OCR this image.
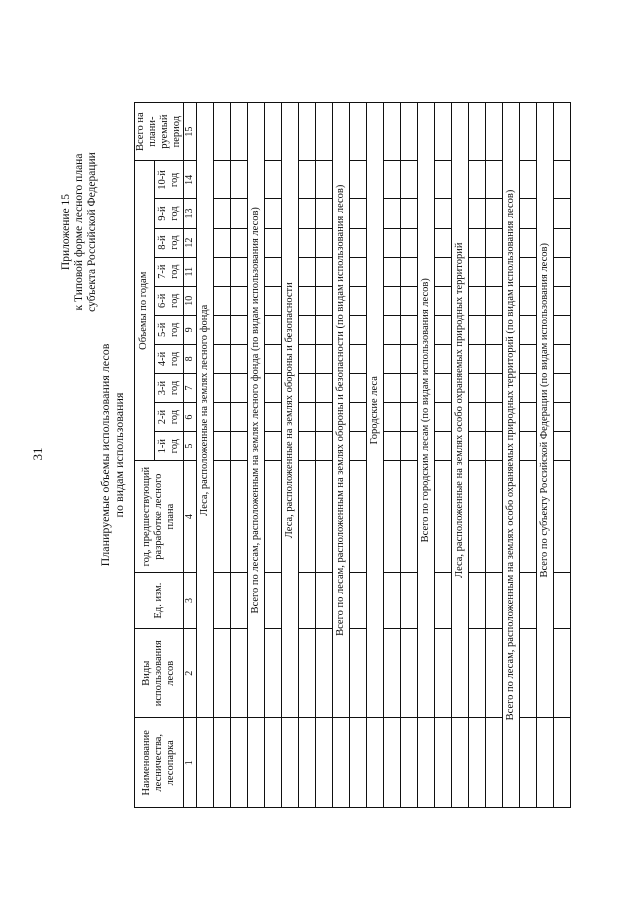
31
Приложение 15 к Типовой форме лесного плана субъекта Российской Федерации
Планируемые объемы использования лесов по видам использования
Наименование лесничества, лесопарка	Виды использования лесов	Ед. изм.	год, предшествующий разработке лесного плана	Объемы по годам										Всего на плани-руемый период
				1-й год	2-й год	3-й год	4-й год	5-й год	6-й год	7-й год	8-й год	9-й год	10-й год	
1	2	3	4	5	6	7	8	9	10	11	12	13	14	15
	Леса, расположенные на землях лесного фонда													

	Всего по лесам, расположенным на землях лесного фонда (по видам использования лесов)													

	Леса, расположенные на землях обороны и безопасности													

	Всего по лесам, расположенным на землях обороны и безопасности (по видам использования лесов)													

	Городские леса													

	Всего по городским лесам (по видам использования лесов)													

	Леса, расположенные на землях особо охраняемых природных территорий													

Всего по лесам, расположенным на землях особо охраняемых природных территорий (по видам использования лесов)														

	Всего по субъекту Российской Федерации (по видам использования лесов)													
